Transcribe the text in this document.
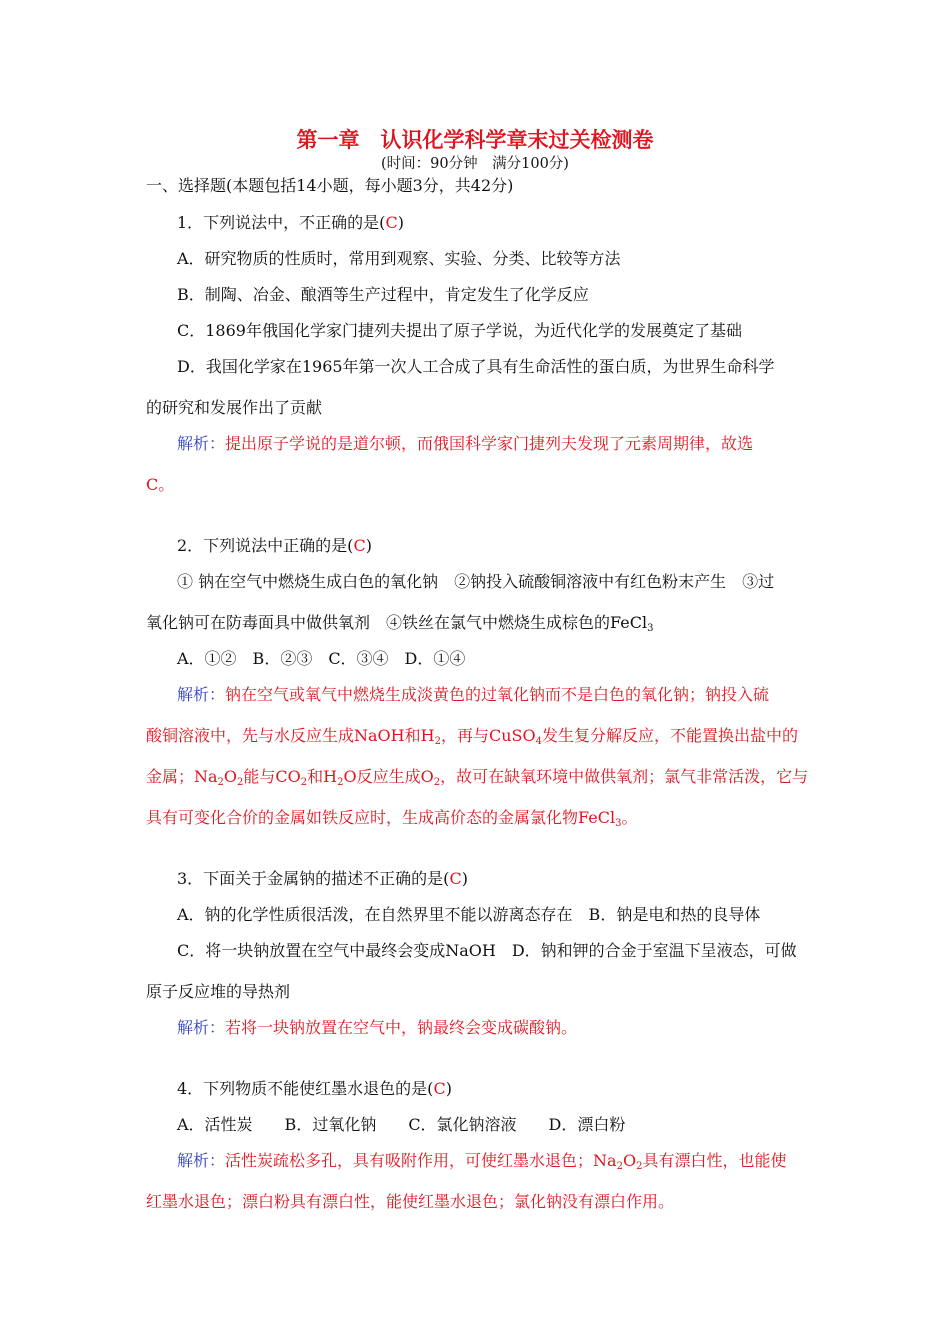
第一章　认识化学科学章末过关检测卷
(时间：90分钟　满分100分)
一、选择题(本题包括14小题，每小题3分，共42分)
1．下列说法中，不正确的是(C)
A．研究物质的性质时，常用到观察、实验、分类、比较等方法
B．制陶、冶金、酿酒等生产过程中，肯定发生了化学反应
C．1869年俄国化学家门捷列夫提出了原子学说，为近代化学的发展奠定了基础
D．我国化学家在1965年第一次人工合成了具有生命活性的蛋白质，为世界生命科学
的研究和发展作出了贡献
解析：提出原子学说的是道尔顿，而俄国科学家门捷列夫发现了元素周期律，故选
C。
2．下列说法中正确的是(C)
① 钠在空气中燃烧生成白色的氧化钠　②钠投入硫酸铜溶液中有红色粉末产生　③过
氧化钠可在防毒面具中做供氧剂　④铁丝在氯气中燃烧生成棕色的FeCl$_3$
A．①②　B．②③　C．③④　D．①④
解析：钠在空气或氧气中燃烧生成淡黄色的过氧化钠而不是白色的氧化钠；钠投入硫
酸铜溶液中，先与水反应生成NaOH和$H_2$，再与CuSO$_4$发生复分解反应，不能置换出盐中的
金属；$Na_2O_2$能与$CO_2$和$H_2O$反应生成$O_2$，故可在缺氧环境中做供氧剂；氯气非常活泼，它与
具有可变化合价的金属如铁反应时，生成高价态的金属氯化物FeCl$_3$。
3．下面关于金属钠的描述不正确的是(C)
A．钠的化学性质很活泼，在自然界里不能以游离态存在　B．钠是电和热的良导体
C．将一块钠放置在空气中最终会变成NaOH　D．钠和钾的合金于室温下呈液态，可做
原子反应堆的导热剂
解析：若将一块钠放置在空气中，钠最终会变成碳酸钠。
4．下列物质不能使红墨水退色的是(C)
A．活性炭　　B．过氧化钠　　C．氯化钠溶液　　D．漂白粉
解析：活性炭疏松多孔，具有吸附作用，可使红墨水退色；$Na_2O_2$具有漂白性，也能使
红墨水退色；漂白粉具有漂白性，能使红墨水退色；氯化钠没有漂白作用。
